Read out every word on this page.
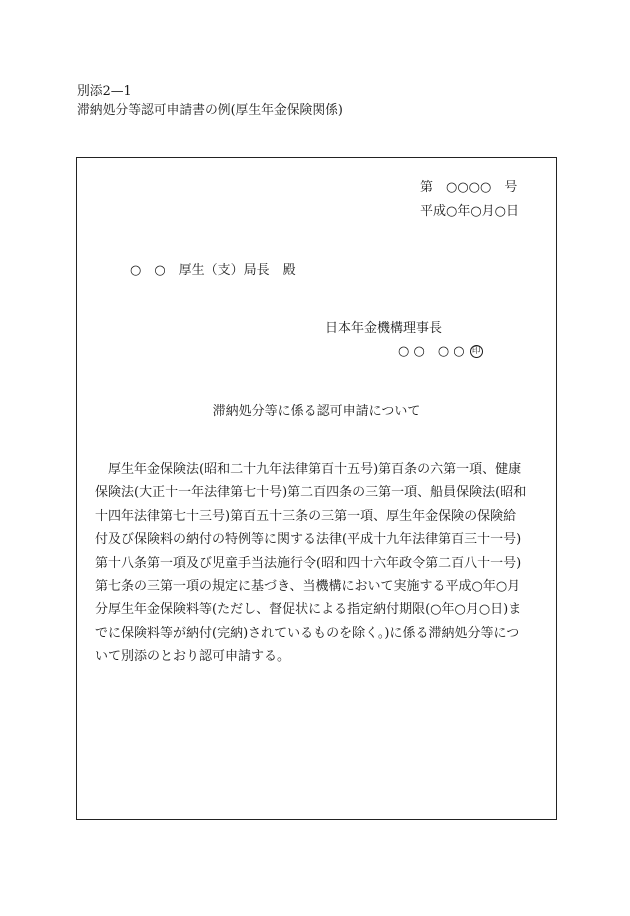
別添2—1
滞納処分等認可申請書の例(厚生年金保険関係)
第　○○○○　号
平成○年○月○日
○　○　厚生（支）局長　殿
日本年金機構理事長
○ ○　○ ○ 印
滞納処分等に係る認可申請について
　厚生年金保険法(昭和二十九年法律第百十五号)第百条の六第一項、健康
保険法(大正十一年法律第七十号)第二百四条の三第一項、船員保険法(昭和
十四年法律第七十三号)第百五十三条の三第一項、厚生年金保険の保険給
付及び保険料の納付の特例等に関する法律(平成十九年法律第百三十一号)
第十八条第一項及び児童手当法施行令(昭和四十六年政令第二百八十一号)
第七条の三第一項の規定に基づき、当機構において実施する平成○年○月
分厚生年金保険料等(ただし、督促状による指定納付期限(○年○月○日)ま
でに保険料等が納付(完納)されているものを除く。)に係る滞納処分等につ
いて別添のとおり認可申請する。
